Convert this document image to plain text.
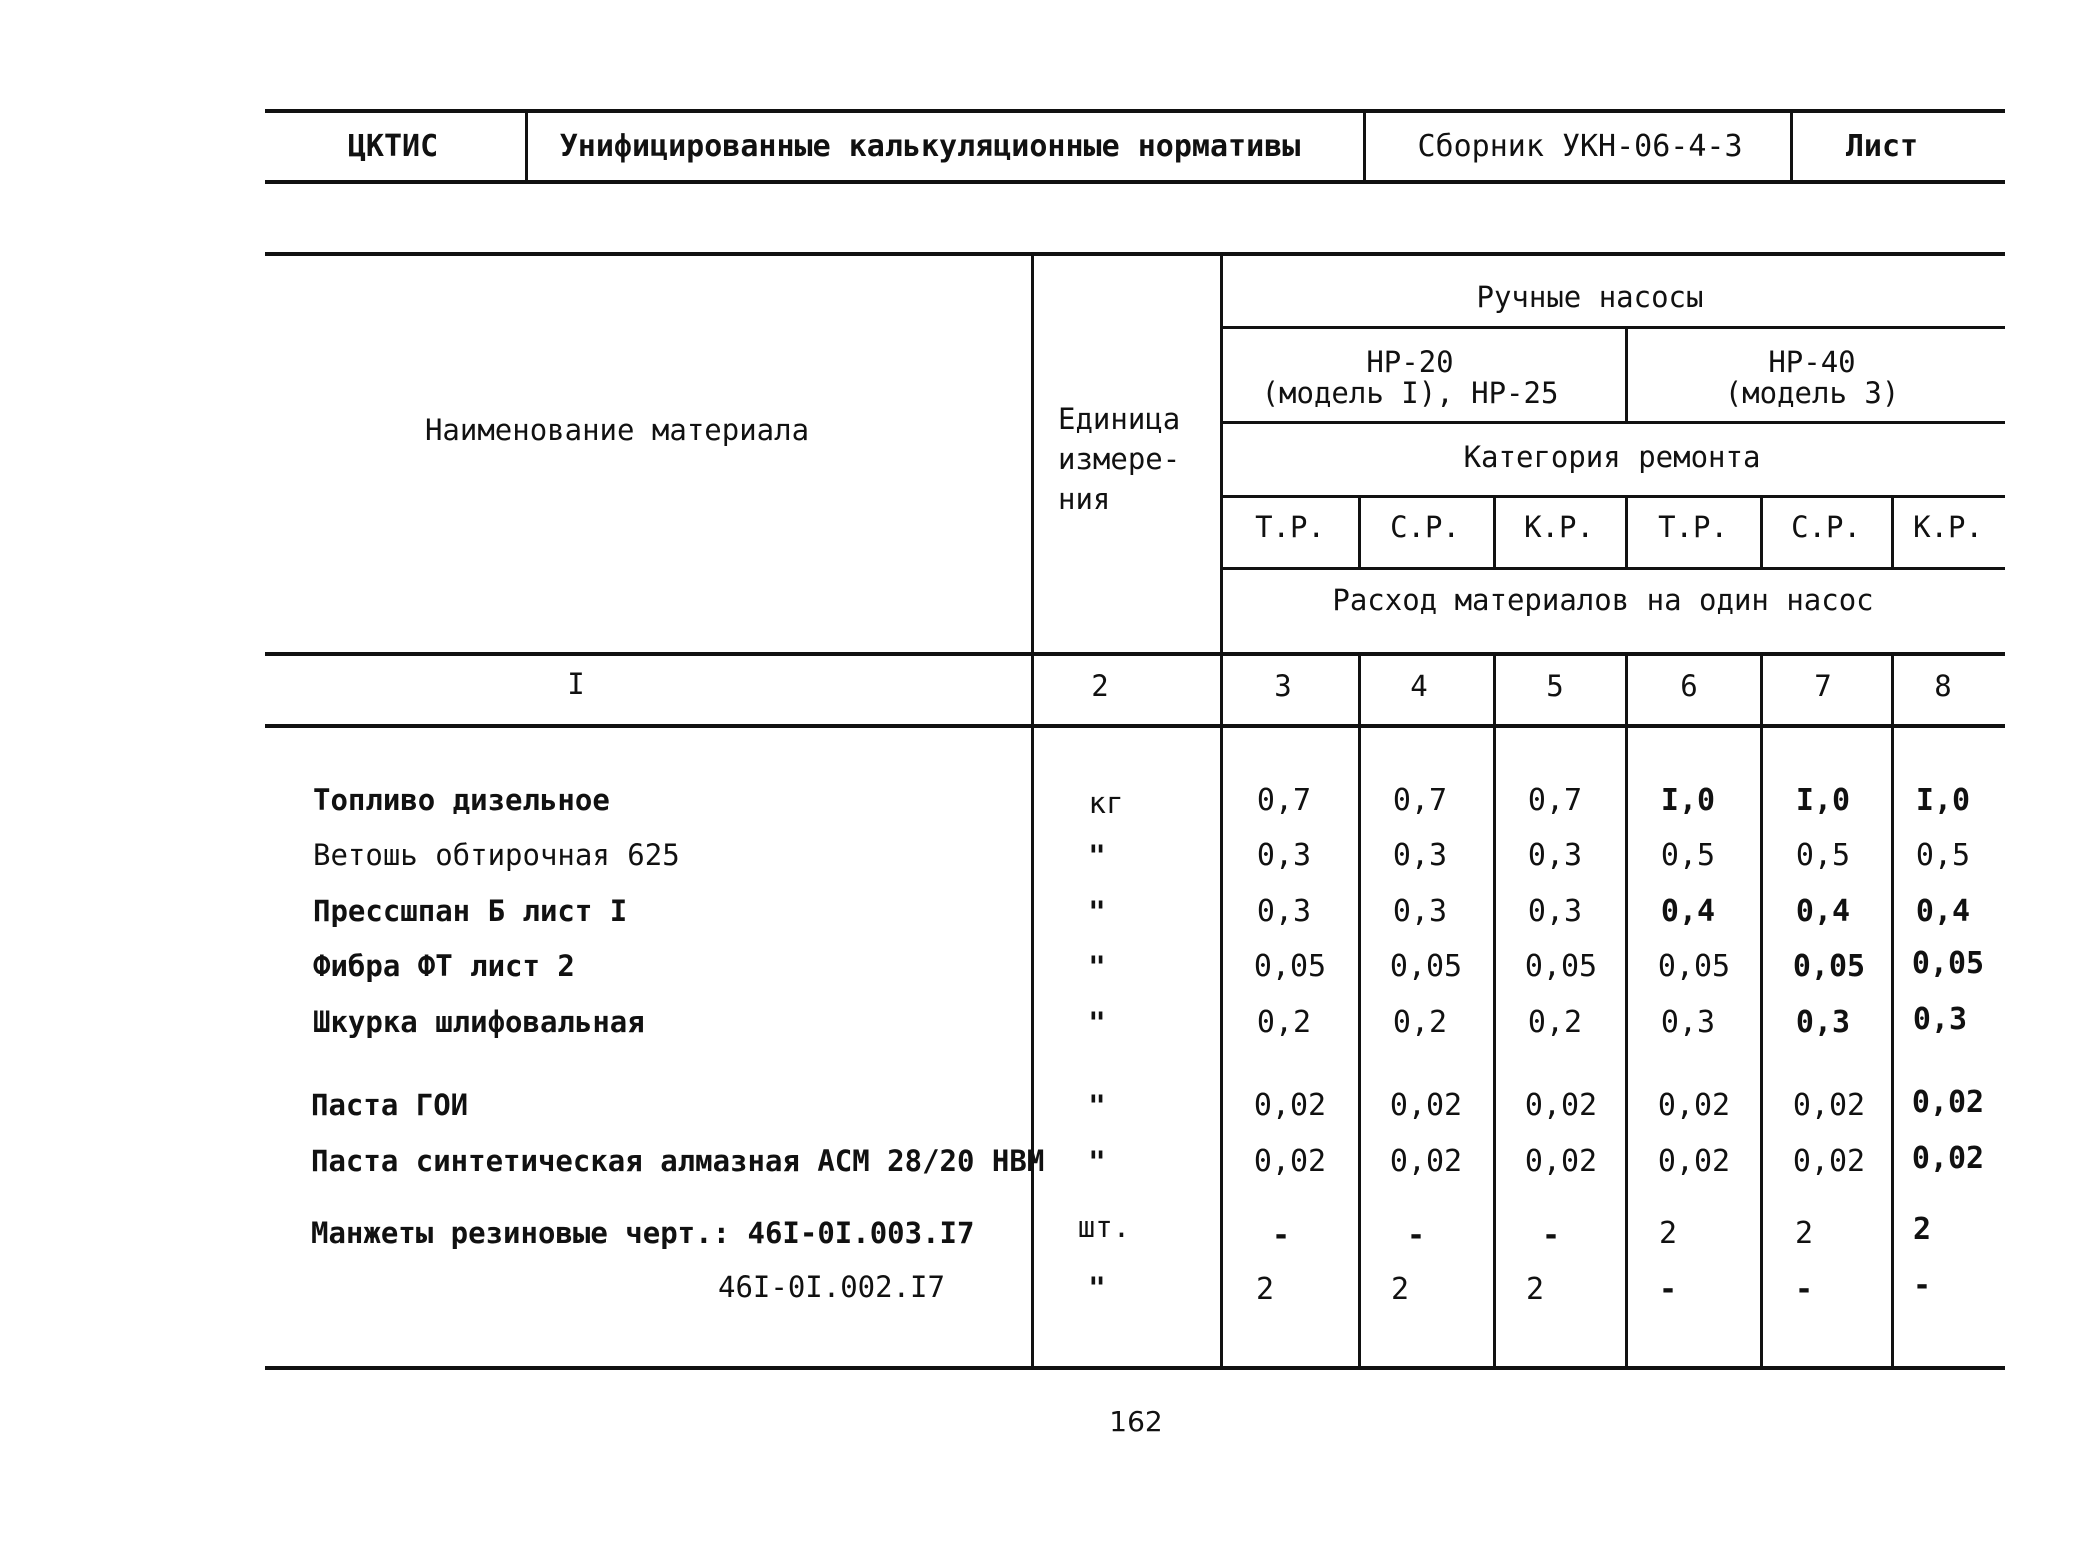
ЦКТИС	Унифицированные калькуляционные нормативы	Сборник УКН-06-4-3	Лист
Наименование материала	Единица измере-ния
Ручные насосы
НР-20
(модель I), НР-25
НР-40
(модель 3)
Категория ремонта
Т.Р. С.Р. К.Р. Т.Р. С.Р. К.Р.
Расход материалов на один насос
I	2	3	4	5	6	7	8
Топливо дизельное	кг	0,7	0,7	0,7	I,0	I,0 I,0
Ветошь обтирочная 625	"	0,3	0,3	0,3	0,5	0,5 0,5
Прессшпан Б лист I	"	0,3	0,3	0,3	0,4	0,4 0,4
Фибра ФТ лист 2	"	0,05 0,05 0,05 0,05 0,05 0,05
Шкурка шлифовальная	"	0,2	0,2	0,2	0,3	0,3 0,3
Паста ГОИ	"	0,02 0,02 0,02 0,02 0,02 0,02
Паста синтетическая алмазная АСМ 28/20 НВМ "	0,02 0,02 0,02 0,02 0,02 0,02
Манжеты резиновые черт.: 46I-0I.003.I7	шт.	-	-	-	2	2	2
46I-0I.002.I7	"	2	2	2	-	-	-
162
